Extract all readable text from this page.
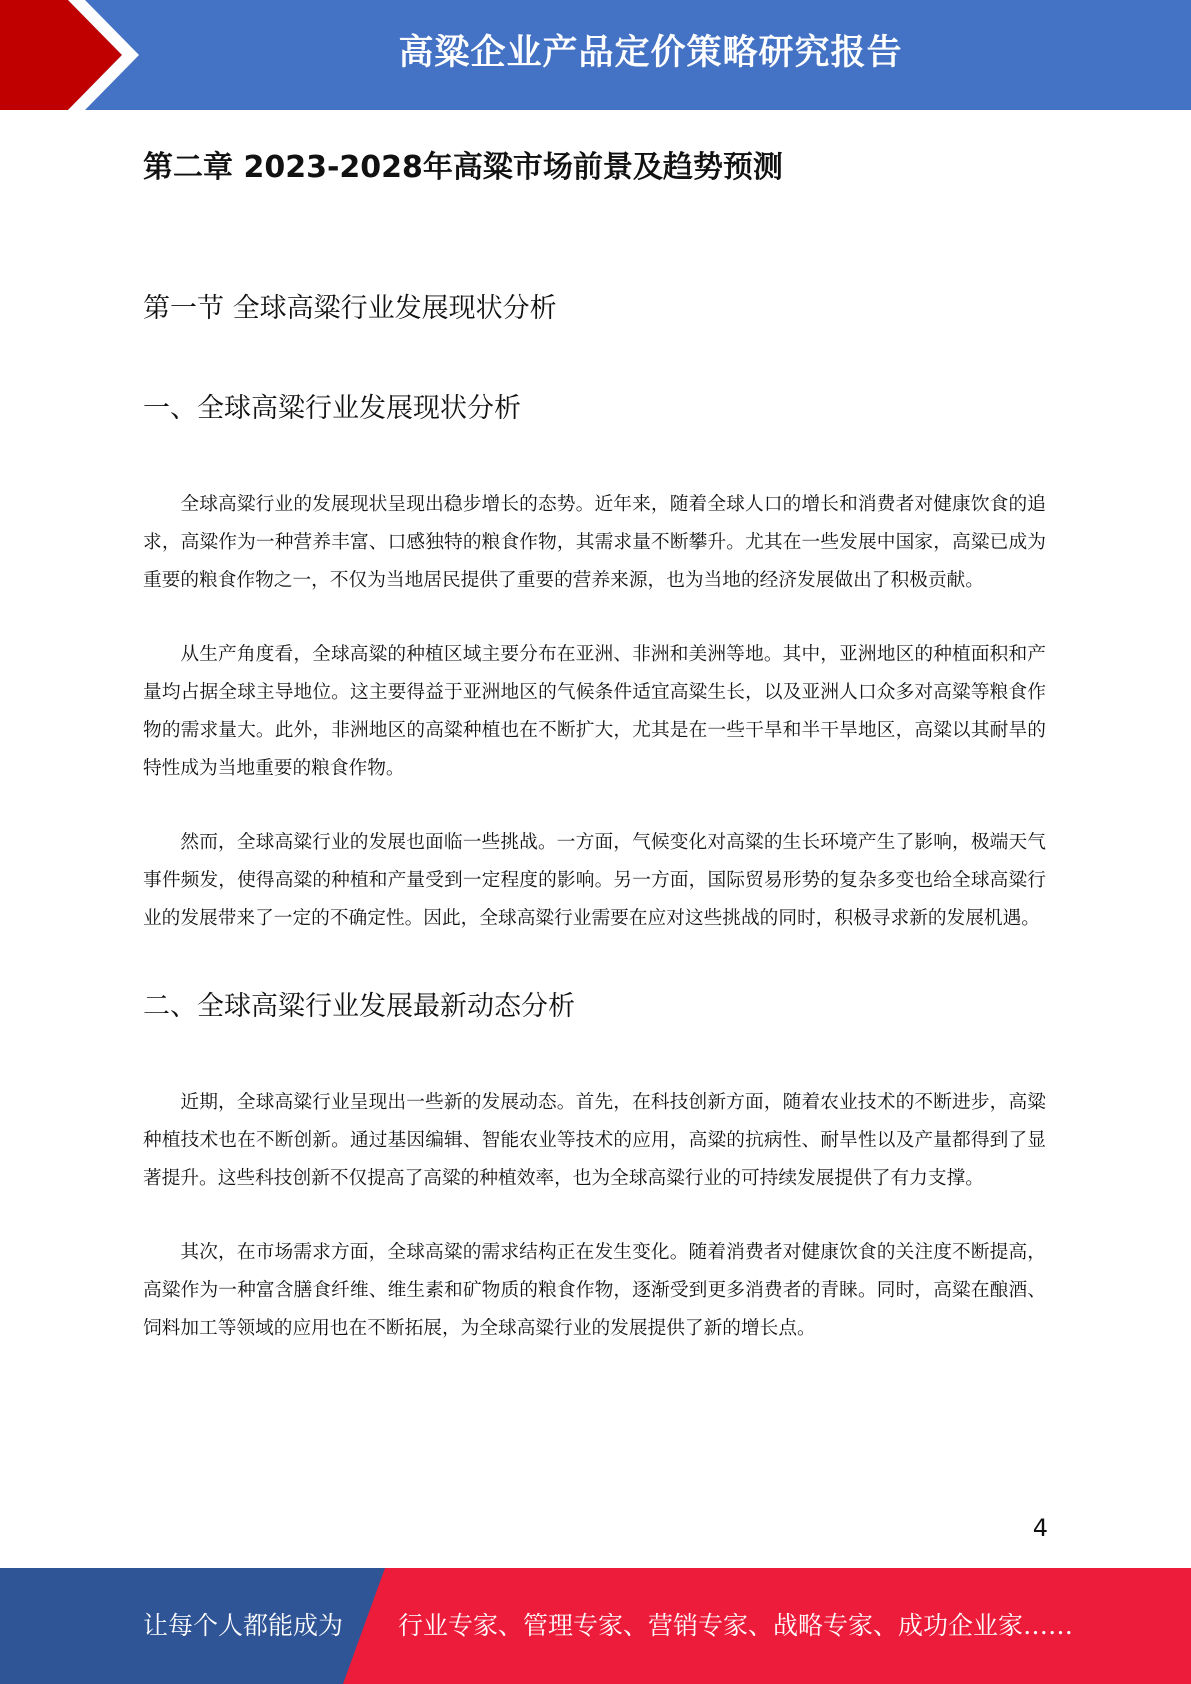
高粱企业产品定价策略研究报告
第二章 2023-2028年高粱市场前景及趋势预测
第一节 全球高粱行业发展现状分析
一、全球高粱行业发展现状分析

全球高粱行业的发展现状呈现出稳步增长的态势。近年来，随着全球人口的增长和消费者对健康饮食的追求，高粱作为一种营养丰富、口感独特的粮食作物，其需求量不断攀升。尤其在一些发展中国家，高粱已成为重要的粮食作物之一，不仅为当地居民提供了重要的营养来源，也为当地的经济发展做出了积极贡献。

从生产角度看，全球高粱的种植区域主要分布在亚洲、非洲和美洲等地。其中，亚洲地区的种植面积和产量均占据全球主导地位。这主要得益于亚洲地区的气候条件适宜高粱生长，以及亚洲人口众多对高粱等粮食作物的需求量大。此外，非洲地区的高粱种植也在不断扩大，尤其是在一些干旱和半干旱地区，高粱以其耐旱的特性成为当地重要的粮食作物。

然而，全球高粱行业的发展也面临一些挑战。一方面，气候变化对高粱的生长环境产生了影响，极端天气事件频发，使得高粱的种植和产量受到一定程度的影响。另一方面，国际贸易形势的复杂多变也给全球高粱行业的发展带来了一定的不确定性。因此，全球高粱行业需要在应对这些挑战的同时，积极寻求新的发展机遇。

二、全球高粱行业发展最新动态分析

近期，全球高粱行业呈现出一些新的发展动态。首先，在科技创新方面，随着农业技术的不断进步，高粱种植技术也在不断创新。通过基因编辑、智能农业等技术的应用，高粱的抗病性、耐旱性以及产量都得到了显著提升。这些科技创新不仅提高了高粱的种植效率，也为全球高粱行业的可持续发展提供了有力支撑。

其次，在市场需求方面，全球高粱的需求结构正在发生变化。随着消费者对健康饮食的关注度不断提高，高粱作为一种富含膳食纤维、维生素和矿物质的粮食作物，逐渐受到更多消费者的青睐。同时，高粱在酿酒、饲料加工等领域的应用也在不断拓展，为全球高粱行业的发展提供了新的增长点。

4
让每个人都能成为 行业专家、管理专家、营销专家、战略专家、成功企业家……
